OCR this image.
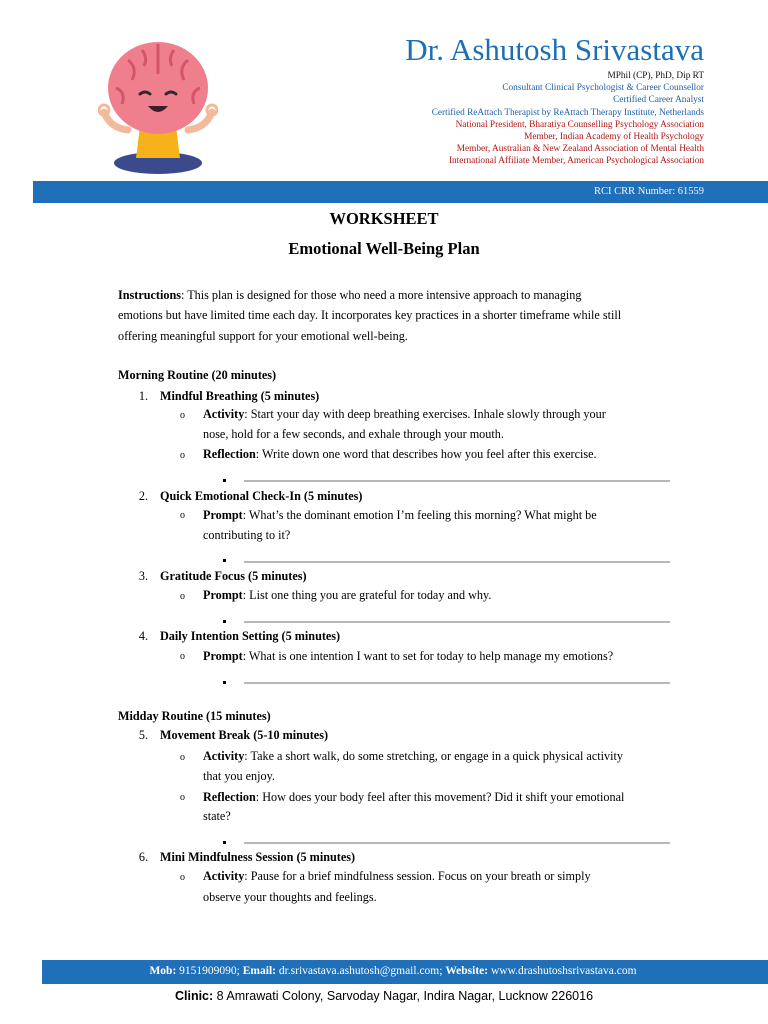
Dr. Ashutosh Srivastava
MPhil (CP), PhD, Dip RT
Consultant Clinical Psychologist & Career Counsellor
Certified Career Analyst
Certified ReAttach Therapist by ReAttach Therapy Institute, Netherlands
National President, Bharatiya Counselling Psychology Association
Member, Indian Academy of Health Psychology
Member, Australian & New Zealand Association of Mental Health
International Affiliate Member, American Psychological Association
RCI CRR Number: 61559
WORKSHEET
Emotional Well-Being Plan
Instructions: This plan is designed for those who need a more intensive approach to managing
emotions but have limited time each day. It incorporates key practices in a shorter timeframe while still
offering meaningful support for your emotional well-being.
Morning Routine (20 minutes)
1. Mindful Breathing (5 minutes)
o Activity: Start your day with deep breathing exercises. Inhale slowly through your
nose, hold for a few seconds, and exhale through your mouth.
o Reflection: Write down one word that describes how you feel after this exercise.
2. Quick Emotional Check-In (5 minutes)
o Prompt: What’s the dominant emotion I’m feeling this morning? What might be
contributing to it?
3. Gratitude Focus (5 minutes)
o Prompt: List one thing you are grateful for today and why.
4. Daily Intention Setting (5 minutes)
o Prompt: What is one intention I want to set for today to help manage my emotions?
Midday Routine (15 minutes)
5. Movement Break (5-10 minutes)
o Activity: Take a short walk, do some stretching, or engage in a quick physical activity
that you enjoy.
o Reflection: How does your body feel after this movement? Did it shift your emotional
state?
6. Mini Mindfulness Session (5 minutes)
o Activity: Pause for a brief mindfulness session. Focus on your breath or simply
observe your thoughts and feelings.
Mob: 9151909090; Email: dr.srivastava.ashutosh@gmail.com; Website: www.drashutoshsrivastava.com
Clinic: 8 Amrawati Colony, Sarvoday Nagar, Indira Nagar, Lucknow 226016
